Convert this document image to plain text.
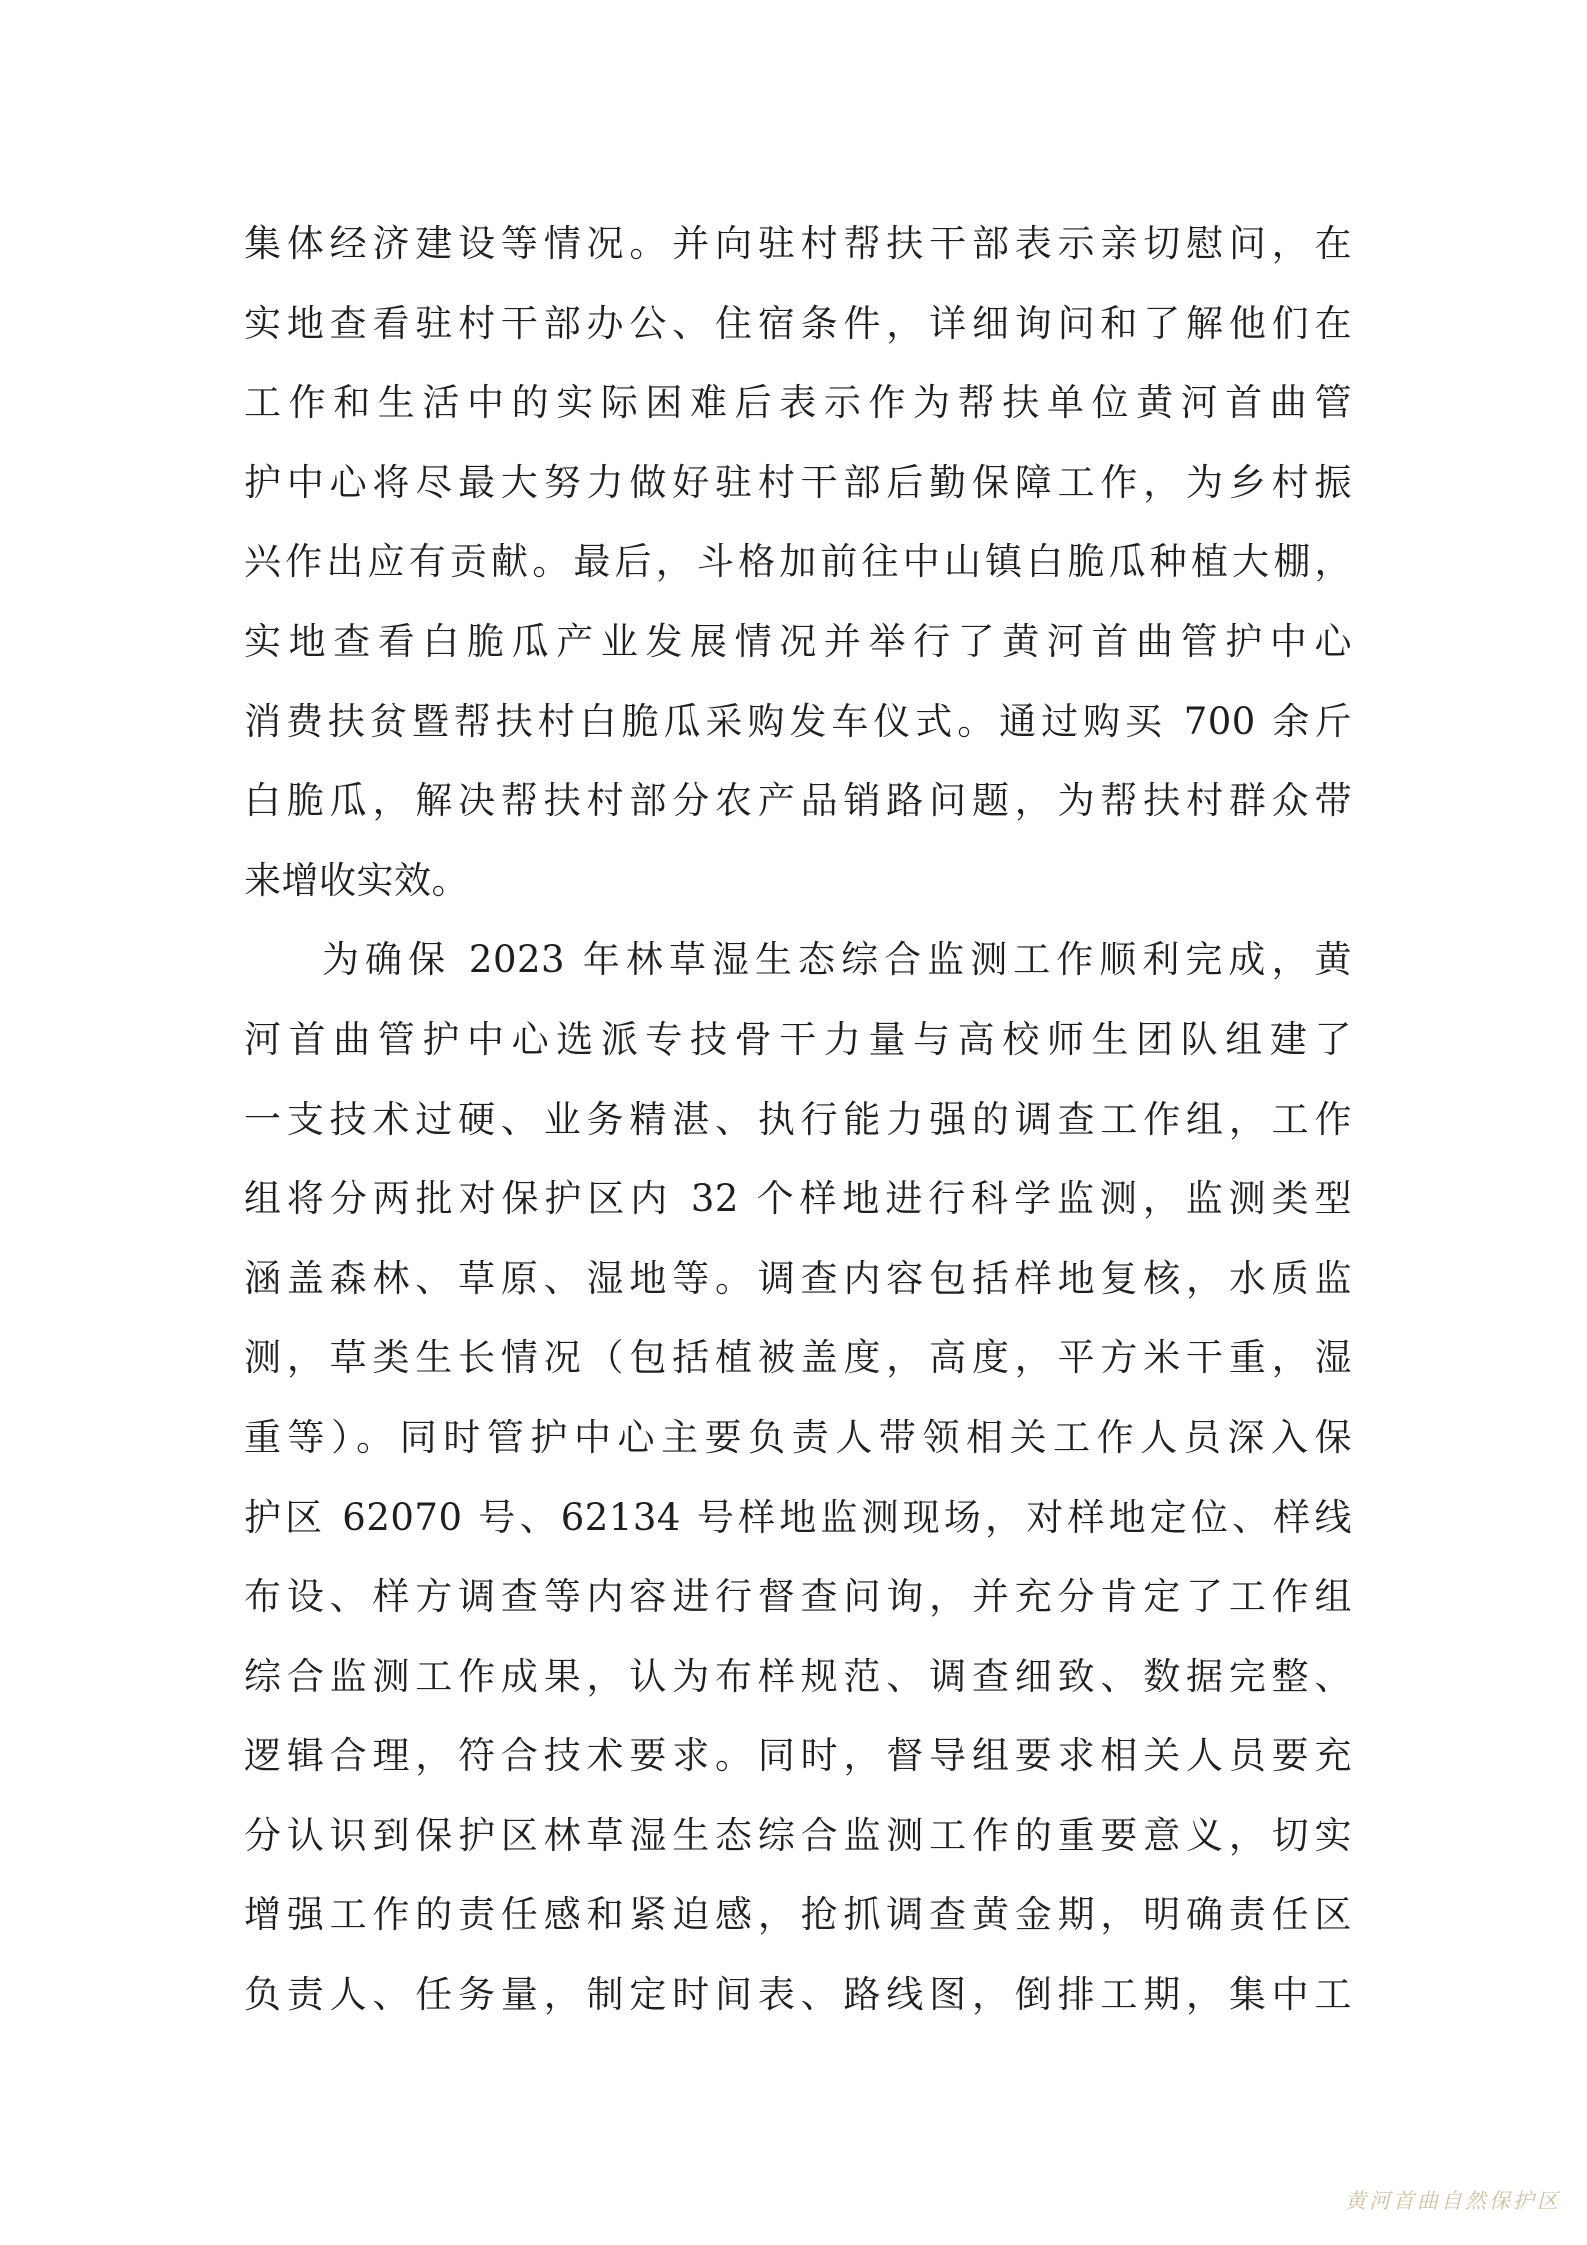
集体经济建设等情况。并向驻村帮扶干部表示亲切慰问，在
实地查看驻村干部办公、住宿条件，详细询问和了解他们在
工作和生活中的实际困难后表示作为帮扶单位黄河首曲管
护中心将尽最大努力做好驻村干部后勤保障工作，为乡村振
兴作出应有贡献。最后，斗格加前往中山镇白脆瓜种植大棚，
实地查看白脆瓜产业发展情况并举行了黄河首曲管护中心
消费扶贫暨帮扶村白脆瓜采购发车仪式。通过购买 700 余斤
白脆瓜，解决帮扶村部分农产品销路问题，为帮扶村群众带
来增收实效。
为确保 2023 年林草湿生态综合监测工作顺利完成，黄
河首曲管护中心选派专技骨干力量与高校师生团队组建了
一支技术过硬、业务精湛、执行能力强的调查工作组，工作
组将分两批对保护区内 32 个样地进行科学监测，监测类型
涵盖森林、草原、湿地等。调查内容包括样地复核，水质监
测，草类生长情况（包括植被盖度，高度，平方米干重，湿
重等）。同时管护中心主要负责人带领相关工作人员深入保
护区 62070 号、62134 号样地监测现场，对样地定位、样线
布设、样方调查等内容进行督查问询，并充分肯定了工作组
综合监测工作成果，认为布样规范、调查细致、数据完整、
逻辑合理，符合技术要求。同时，督导组要求相关人员要充
分认识到保护区林草湿生态综合监测工作的重要意义，切实
增强工作的责任感和紧迫感，抢抓调查黄金期，明确责任区
负责人、任务量，制定时间表、路线图，倒排工期，集中工
黄河首曲自然保护区
